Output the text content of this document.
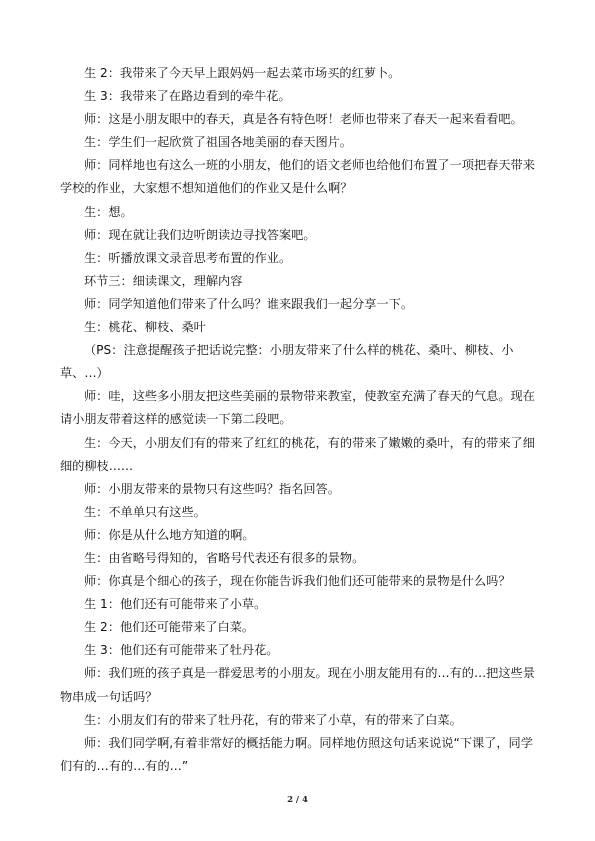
生 2：我带来了今天早上跟妈妈一起去菜市场买的红萝卜。

生 3：我带来了在路边看到的牵牛花。

师：这是小朋友眼中的春天，真是各有特色呀！老师也带来了春天一起来看看吧。

生：学生们一起欣赏了祖国各地美丽的春天图片。

师：同样地也有这么一班的小朋友，他们的语文老师也给他们布置了一项把春天带来学校的作业，大家想不想知道他们的作业又是什么啊？

生：想。

师：现在就让我们边听朗读边寻找答案吧。

生：听播放课文录音思考布置的作业。

环节三：细读课文，理解内容

师：同学知道他们带来了什么吗？谁来跟我们一起分享一下。

生：桃花、柳枝、桑叶

（PS：注意提醒孩子把话说完整：小朋友带来了什么样的桃花、桑叶、柳枝、小草、…）

师：哇，这些多小朋友把这些美丽的景物带来教室，使教室充满了春天的气息。现在请小朋友带着这样的感觉读一下第二段吧。

生：今天，小朋友们有的带来了红红的桃花，有的带来了嫩嫩的桑叶，有的带来了细细的柳枝……

师：小朋友带来的景物只有这些吗？指名回答。

生：不单单只有这些。

师：你是从什么地方知道的啊。

生：由省略号得知的，省略号代表还有很多的景物。

师：你真是个细心的孩子，现在你能告诉我们他们还可能带来的景物是什么吗？

生 1：他们还有可能带来了小草。

生 2：他们还可能带来了白菜。

生 3：他们还有可能带来了牡丹花。

师：我们班的孩子真是一群爱思考的小朋友。现在小朋友能用有的…有的…把这些景物串成一句话吗？

生：小朋友们有的带来了牡丹花，有的带来了小草，有的带来了白菜。

师：我们同学啊,有着非常好的概括能力啊。同样地仿照这句话来说说“下课了，同学们有的…有的…有的…”

2 / 4
